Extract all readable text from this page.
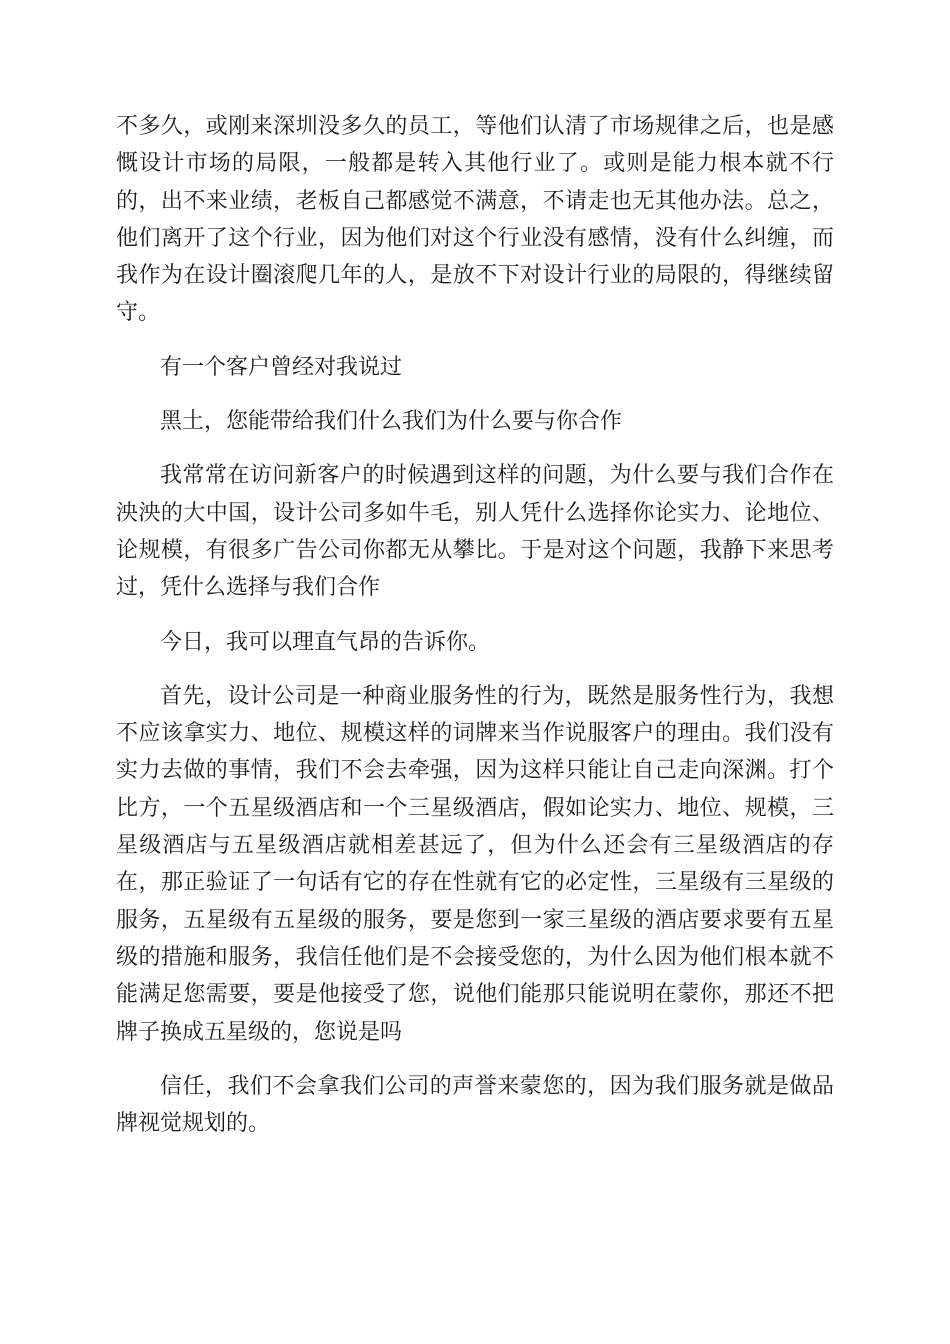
不多久，或刚来深圳没多久的员工，等他们认清了市场规律之后，也是感
慨设计市场的局限，一般都是转入其他行业了。或则是能力根本就不行
的，出不来业绩，老板自己都感觉不满意，不请走也无其他办法。总之，
他们离开了这个行业，因为他们对这个行业没有感情，没有什么纠缠，而
我作为在设计圈滚爬几年的人，是放不下对设计行业的局限的，得继续留
守。
有一个客户曾经对我说过
黑土，您能带给我们什么我们为什么要与你合作
我常常在访问新客户的时候遇到这样的问题，为什么要与我们合作在
泱泱的大中国，设计公司多如牛毛，别人凭什么选择你论实力、论地位、
论规模，有很多广告公司你都无从攀比。于是对这个问题，我静下来思考
过，凭什么选择与我们合作
今日，我可以理直气昂的告诉你。
首先，设计公司是一种商业服务性的行为，既然是服务性行为，我想
不应该拿实力、地位、规模这样的词牌来当作说服客户的理由。我们没有
实力去做的事情，我们不会去牵强，因为这样只能让自己走向深渊。打个
比方，一个五星级酒店和一个三星级酒店，假如论实力、地位、规模，三
星级酒店与五星级酒店就相差甚远了，但为什么还会有三星级酒店的存
在，那正验证了一句话有它的存在性就有它的必定性，三星级有三星级的
服务，五星级有五星级的服务，要是您到一家三星级的酒店要求要有五星
级的措施和服务，我信任他们是不会接受您的，为什么因为他们根本就不
能满足您需要，要是他接受了您，说他们能那只能说明在蒙你，那还不把
牌子换成五星级的，您说是吗
信任，我们不会拿我们公司的声誉来蒙您的，因为我们服务就是做品
牌视觉规划的。
